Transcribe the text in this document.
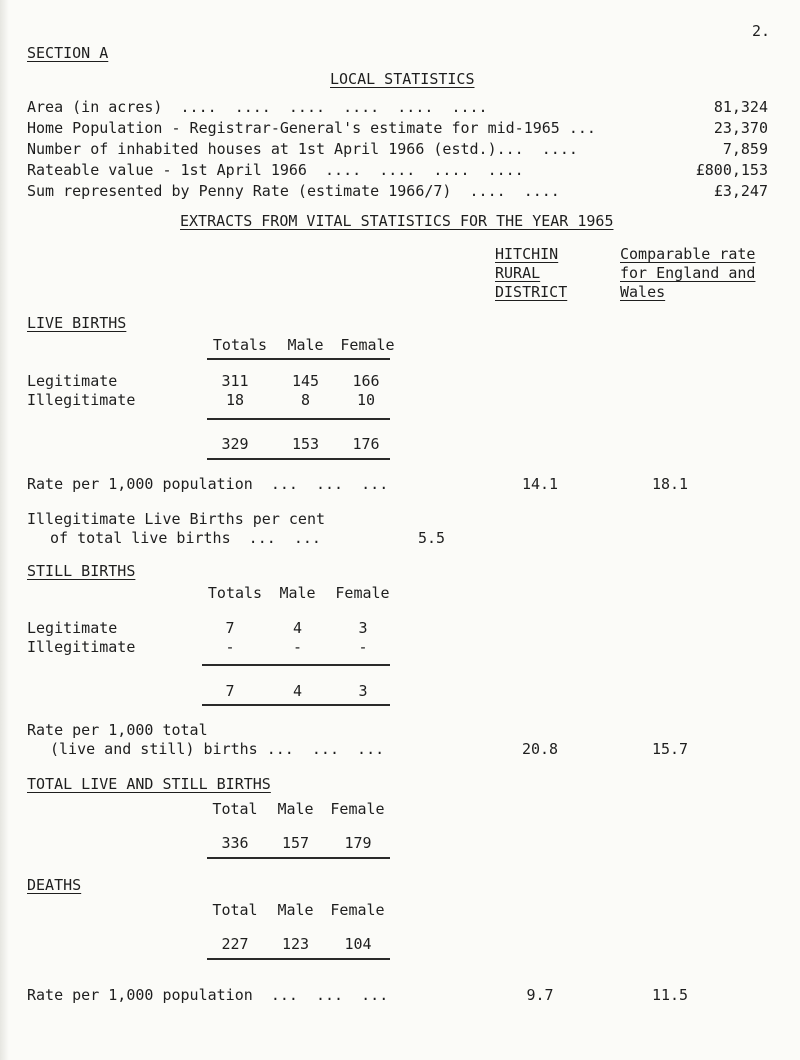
2.
SECTION A
LOCAL STATISTICS
Area (in acres)  ....  ....  ....  ....  ....  ....	81,324
Home Population - Registrar-General's estimate for mid-1965 ...	23,370
Number of inhabited houses at 1st April 1966 (estd.)...  ....	7,859
Rateable value - 1st April 1966  ....  ....  ....  ....	£800,153
Sum represented by Penny Rate (estimate 1966/7)  ....  ....	£3,247
EXTRACTS FROM VITAL STATISTICS FOR THE YEAR 1965
HITCHIN
RURAL
DISTRICT
Comparable rate
for England and
Wales
LIVE BIRTHS
Totals	Male	Female
Legitimate	311	145	166
Illegitimate	18	8	10
329	153	176
Rate per 1,000 population  ...  ...  ...	14.1	18.1
Illegitimate Live Births per cent
of total live births  ...  ...	5.5
STILL BIRTHS
Totals	Male	Female
Legitimate	7	4	3
Illegitimate	-	-	-
7	4	3
Rate per 1,000 total
(live and still) births ...  ...  ...	20.8	15.7
TOTAL LIVE AND STILL BIRTHS
Total	Male	Female
336	157	179
DEATHS
Total	Male	Female
227	123	104
Rate per 1,000 population  ...  ...  ...	9.7	11.5
